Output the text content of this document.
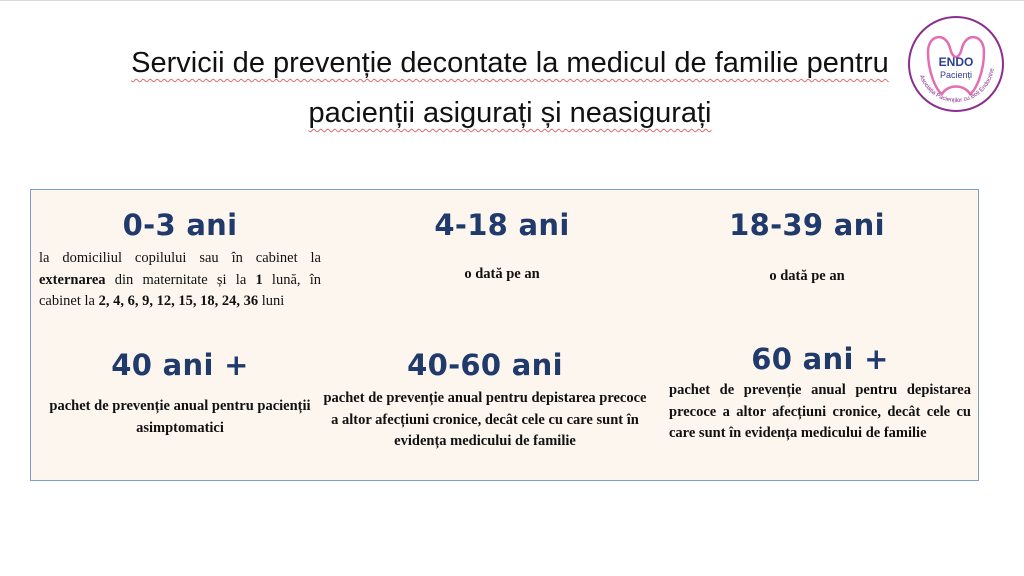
Servicii de prevenție decontate la medicul de familie pentru
pacienții asigurați și neasigurați
ENDO
Pacienți
Asociația Pacienților cu Boli Endocrine
0-3 ani
la domiciliul copilului sau în cabinet la externarea din maternitate și la 1 lună, în cabinet la 2, 4, 6, 9, 12, 15, 18, 24, 36 luni
4-18 ani
o dată pe an
18-39 ani
o dată pe an
40 ani +
pachet de prevenție anual pentru pacienții asimptomatici
40-60 ani
pachet de prevenție anual pentru depistarea precoce a altor afecțiuni cronice, decât cele cu care sunt în evidența medicului de familie
60 ani +
pachet de prevenție anual pentru depistarea precoce a altor afecțiuni cronice, decât cele cu care sunt în evidența medicului de familie
